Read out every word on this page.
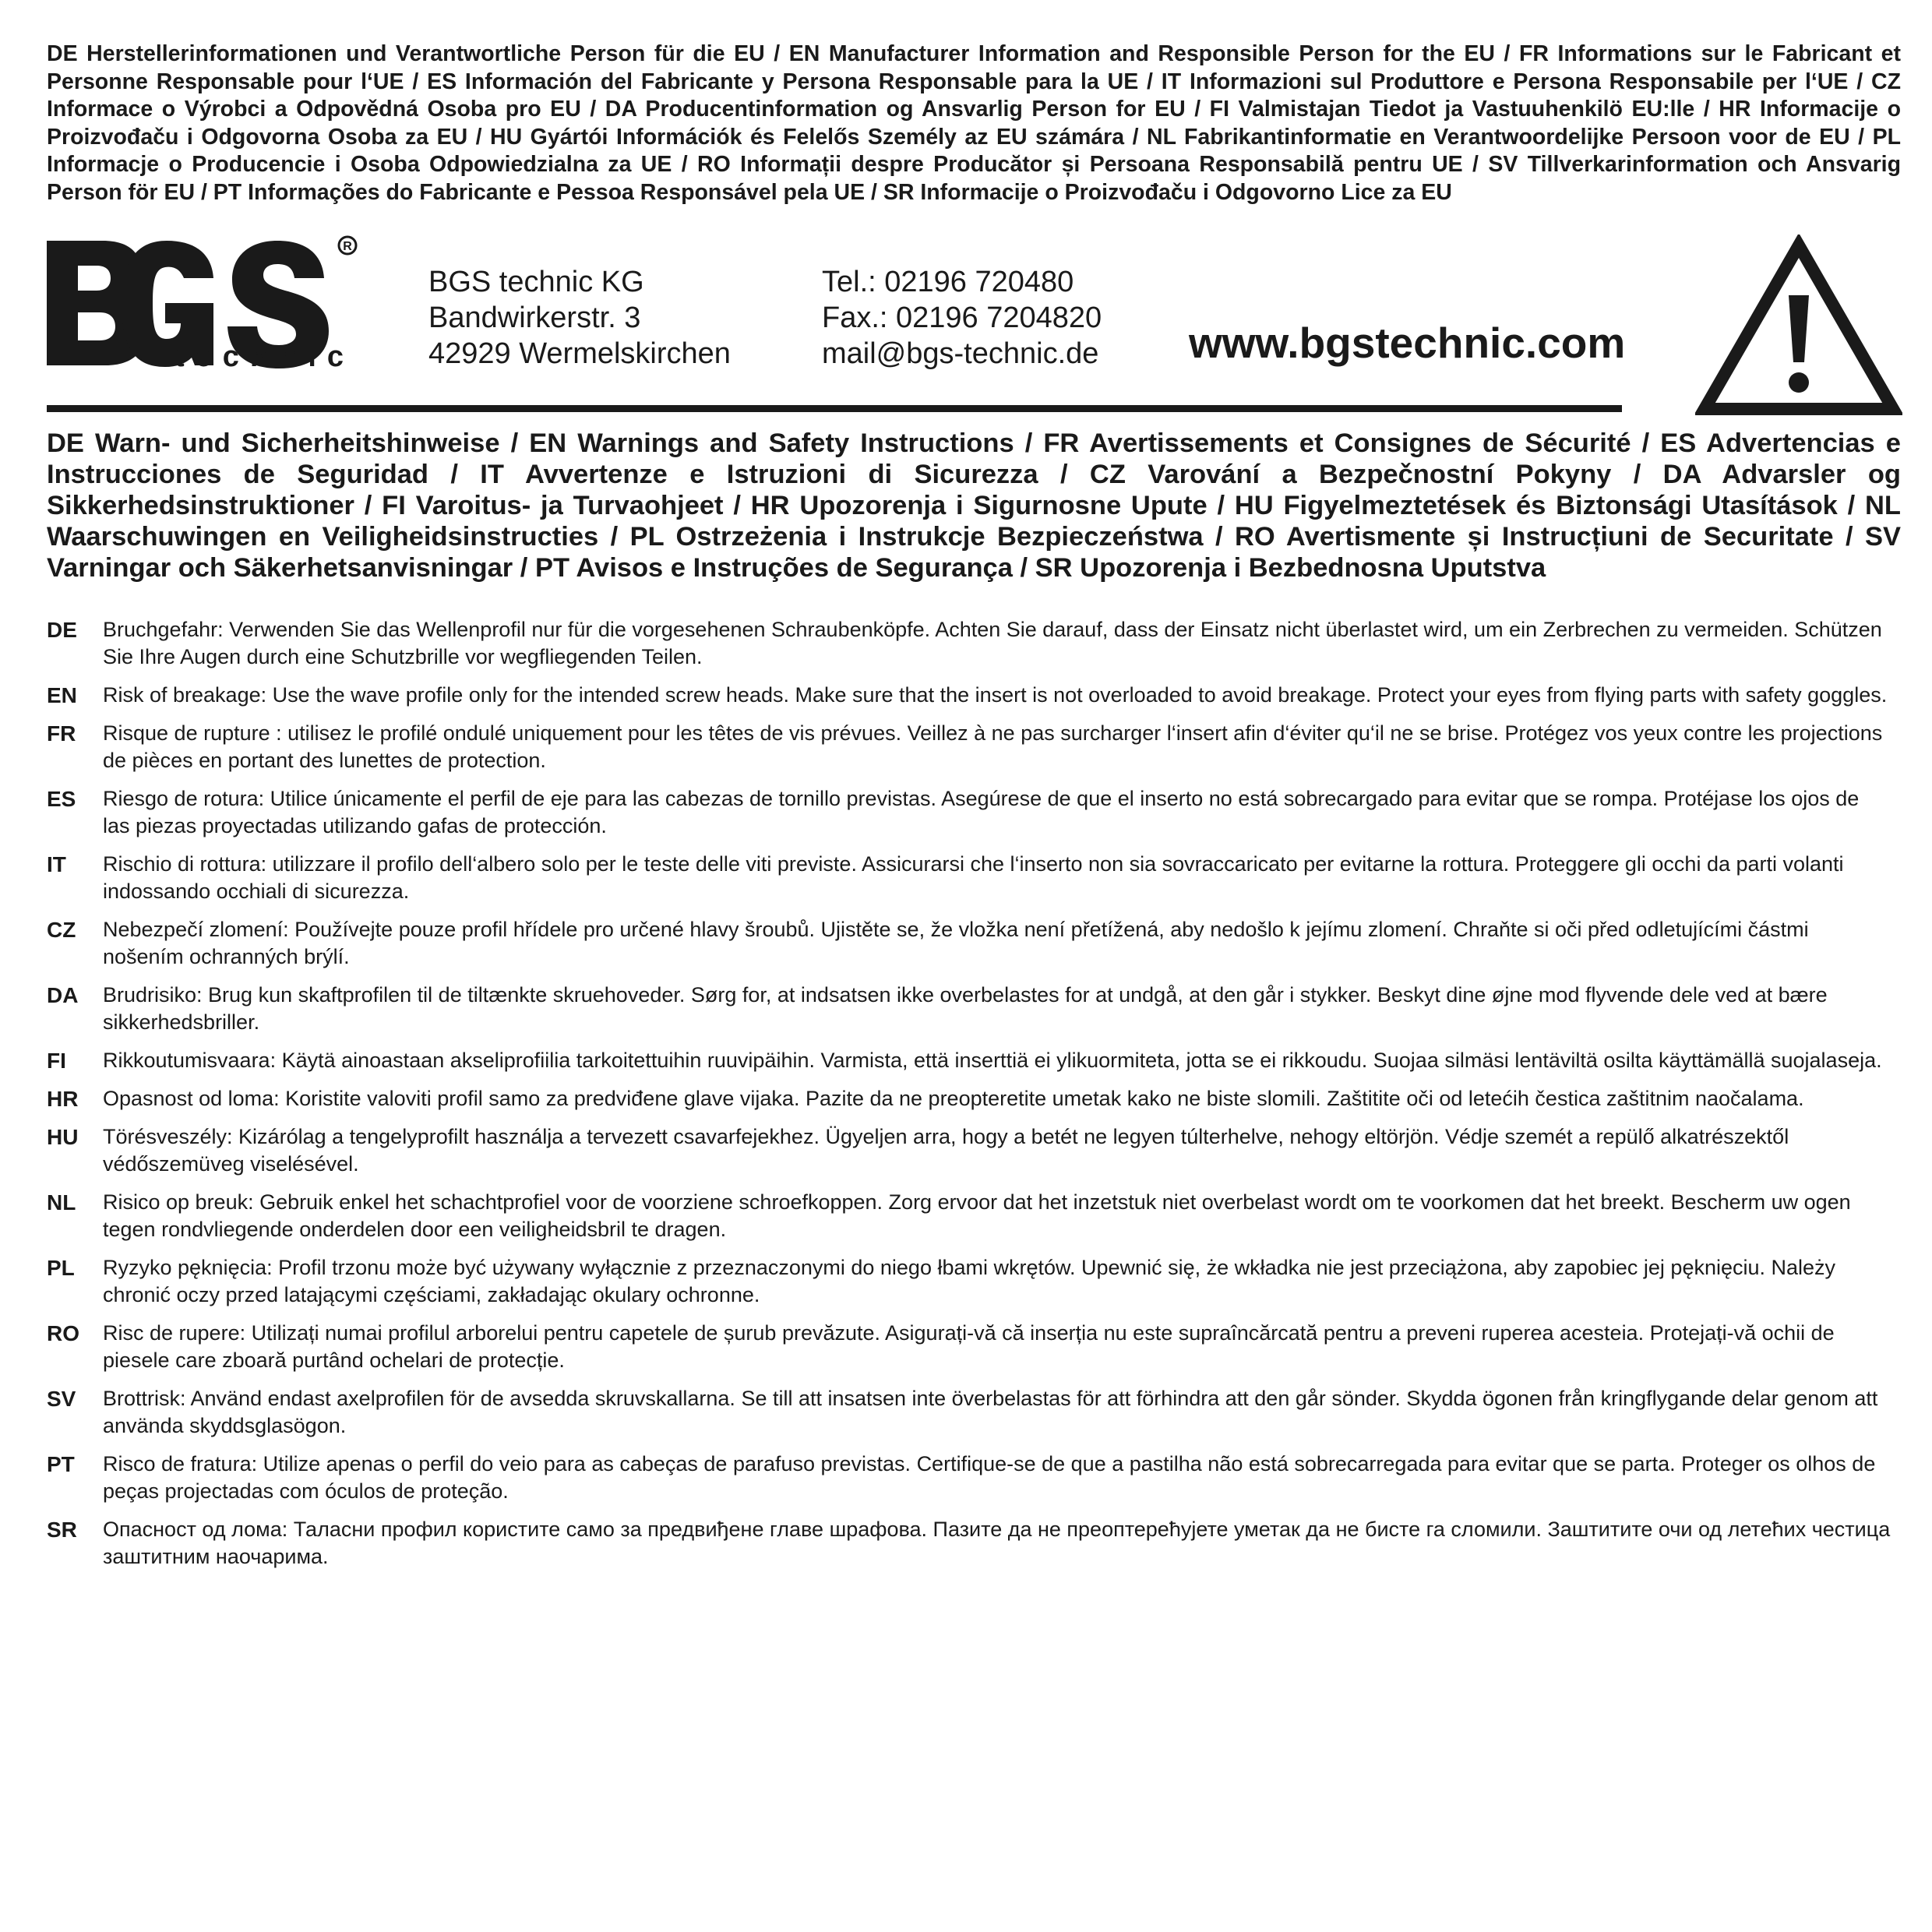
DE Herstellerinformationen und Verantwortliche Person für die EU / EN Manufacturer Information and Responsible Person for the EU / FR Informations sur le Fabricant et Personne Responsable pour l‘UE / ES Información del Fabricante y Persona Responsable para la UE / IT Informazioni sul Produttore e Persona Responsabile per l‘UE / CZ Informace o Výrobci a Odpovědná Osoba pro EU / DA Producentinformation og Ansvarlig Person for EU / FI Valmistajan Tiedot ja Vastuuhenkilö EU:lle / HR Informacije o Proizvođaču i Odgovorna Osoba za EU / HU Gyártói Információk és Felelős Személy az EU számára / NL Fabrikantinformatie en Verantwoordelijke Persoon voor de EU / PL Informacje o Producencie i Osoba Odpowiedzialna za UE / RO Informații despre Producător și Persoana Responsabilă pentru UE / SV Tillverkarinformation och Ansvarig Person för EU / PT Informações do Fabricante e Pessoa Responsável pela UE / SR Informacije o Proizvođaču i Odgovorno Lice za EU

R
technic
BGS technic KG
Bandwirkerstr. 3
42929 Wermelskirchen
Tel.: 02196 720480
Fax.: 02196 7204820
mail@bgs-technic.de www.bgstechnic.com

DE Warn- und Sicherheitshinweise / EN Warnings and Safety Instructions / FR Avertissements et Consignes de Sécurité / ES Advertencias e Instrucciones de Seguridad / IT Avvertenze e Istruzioni di Sicurezza / CZ Varování a Bezpečnostní Pokyny / DA Advarsler og Sikkerhedsinstruktioner / FI Varoitus- ja Turvaohjeet / HR Upozorenja i Sigurnosne Upute / HU Figyelmeztetések és Biztonsági Utasítások / NL Waarschuwingen en Veiligheidsinstructies / PL Ostrzeżenia i Instrukcje Bezpieczeństwa / RO Avertismente și Instrucțiuni de Securitate / SV Varningar och Säkerhetsanvisningar / PT Avisos e Instruções de Segurança / SR Upozorenja i Bezbednosna Uputstva

DE	Bruchgefahr: Verwenden Sie das Wellenprofil nur für die vorgesehenen Schraubenköpfe. Achten Sie darauf, dass der Einsatz nicht überlastet wird, um ein Zerbrechen zu vermeiden. Schützen Sie Ihre Augen durch eine Schutzbrille vor wegfliegenden Teilen.
EN	Risk of breakage: Use the wave profile only for the intended screw heads. Make sure that the insert is not overloaded to avoid breakage. Protect your eyes from flying parts with safety goggles.
FR	Risque de rupture : utilisez le profilé ondulé uniquement pour les têtes de vis prévues. Veillez à ne pas surcharger l‘insert afin d‘éviter qu‘il ne se brise. Protégez vos yeux contre les projections de pièces en portant des lunettes de protection.
ES	Riesgo de rotura: Utilice únicamente el perfil de eje para las cabezas de tornillo previstas. Asegúrese de que el inserto no está sobrecargado para evitar que se rompa. Protéjase los ojos de las piezas proyectadas utilizando gafas de protección.
IT	Rischio di rottura: utilizzare il profilo dell‘albero solo per le teste delle viti previste. Assicurarsi che l‘inserto non sia sovraccaricato per evitarne la rottura. Proteggere gli occhi da parti volanti indossando occhiali di sicurezza.
CZ	Nebezpečí zlomení: Používejte pouze profil hřídele pro určené hlavy šroubů. Ujistěte se, že vložka není přetížená, aby nedošlo k jejímu zlomení. Chraňte si oči před odletujícími částmi nošením ochranných brýlí.
DA	Brudrisiko: Brug kun skaftprofilen til de tiltænkte skruehoveder. Sørg for, at indsatsen ikke overbelastes for at undgå, at den går i stykker. Beskyt dine øjne mod flyvende dele ved at bære sikkerhedsbriller.
FI	Rikkoutumisvaara: Käytä ainoastaan akseliprofiilia tarkoitettuihin ruuvipäihin. Varmista, että inserttiä ei ylikuormiteta, jotta se ei rikkoudu. Suojaa silmäsi lentäviltä osilta käyttämällä suojalaseja.
HR	Opasnost od loma: Koristite valoviti profil samo za predviđene glave vijaka. Pazite da ne preopteretite umetak kako ne biste slomili. Zaštitite oči od letećih čestica zaštitnim naočalama.
HU	Törésveszély: Kizárólag a tengelyprofilt használja a tervezett csavarfejekhez. Ügyeljen arra, hogy a betét ne legyen túlterhelve, nehogy eltörjön. Védje szemét a repülő alkatrészektől védőszemüveg viselésével.
NL	Risico op breuk: Gebruik enkel het schachtprofiel voor de voorziene schroefkoppen. Zorg ervoor dat het inzetstuk niet overbelast wordt om te voorkomen dat het breekt. Bescherm uw ogen tegen rondvliegende onderdelen door een veiligheidsbril te dragen.
PL	Ryzyko pęknięcia: Profil trzonu może być używany wyłącznie z przeznaczonymi do niego łbami wkrętów. Upewnić się, że wkładka nie jest przeciążona, aby zapobiec jej pęknięciu. Należy chronić oczy przed latającymi częściami, zakładając okulary ochronne.
RO	Risc de rupere: Utilizați numai profilul arborelui pentru capetele de șurub prevăzute. Asigurați-vă că inserția nu este supraîncărcată pentru a preveni ruperea acesteia. Protejați-vă ochii de piesele care zboară purtând ochelari de protecție.
SV	Brottrisk: Använd endast axelprofilen för de avsedda skruvskallarna. Se till att insatsen inte överbelastas för att förhindra att den går sönder. Skydda ögonen från kringflygande delar genom att använda skyddsglasögon.
PT	Risco de fratura: Utilize apenas o perfil do veio para as cabeças de parafuso previstas. Certifique-se de que a pastilha não está sobrecarregada para evitar que se parta. Proteger os olhos de peças projectadas com óculos de proteção.
SR	Опасност од лома: Таласни профил користите само за предвиђене главе шрафова. Пазите да не преоптерећујете уметак да не бисте га сломили. Заштитите очи од летећих честица заштитним наочарима.
